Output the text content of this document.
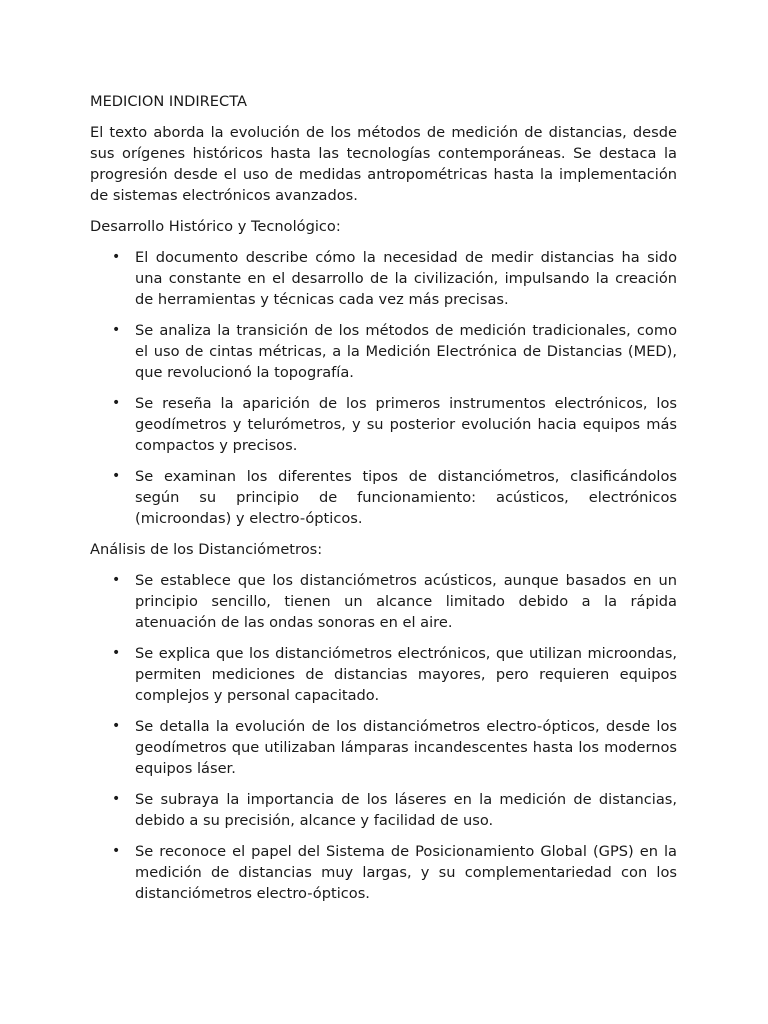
MEDICION INDIRECTA
El texto aborda la evolución de los métodos de medición de distancias, desde sus orígenes históricos hasta las tecnologías contemporáneas. Se destaca la progresión desde el uso de medidas antropométricas hasta la implementación de sistemas electrónicos avanzados.
Desarrollo Histórico y Tecnológico:
• El documento describe cómo la necesidad de medir distancias ha sido una constante en el desarrollo de la civilización, impulsando la creación de herramientas y técnicas cada vez más precisas.
• Se analiza la transición de los métodos de medición tradicionales, como el uso de cintas métricas, a la Medición Electrónica de Distancias (MED), que revolucionó la topografía.
• Se reseña la aparición de los primeros instrumentos electrónicos, los geodímetros y telurómetros, y su posterior evolución hacia equipos más compactos y precisos.
• Se examinan los diferentes tipos de distanciómetros, clasificándolos según su principio de funcionamiento: acústicos, electrónicos (microondas) y electro-ópticos.
Análisis de los Distanciómetros:
• Se establece que los distanciómetros acústicos, aunque basados en un principio sencillo, tienen un alcance limitado debido a la rápida atenuación de las ondas sonoras en el aire.
• Se explica que los distanciómetros electrónicos, que utilizan microondas, permiten mediciones de distancias mayores, pero requieren equipos complejos y personal capacitado.
• Se detalla la evolución de los distanciómetros electro-ópticos, desde los geodímetros que utilizaban lámparas incandescentes hasta los modernos equipos láser.
• Se subraya la importancia de los láseres en la medición de distancias, debido a su precisión, alcance y facilidad de uso.
• Se reconoce el papel del Sistema de Posicionamiento Global (GPS) en la medición de distancias muy largas, y su complementariedad con los distanciómetros electro-ópticos.
